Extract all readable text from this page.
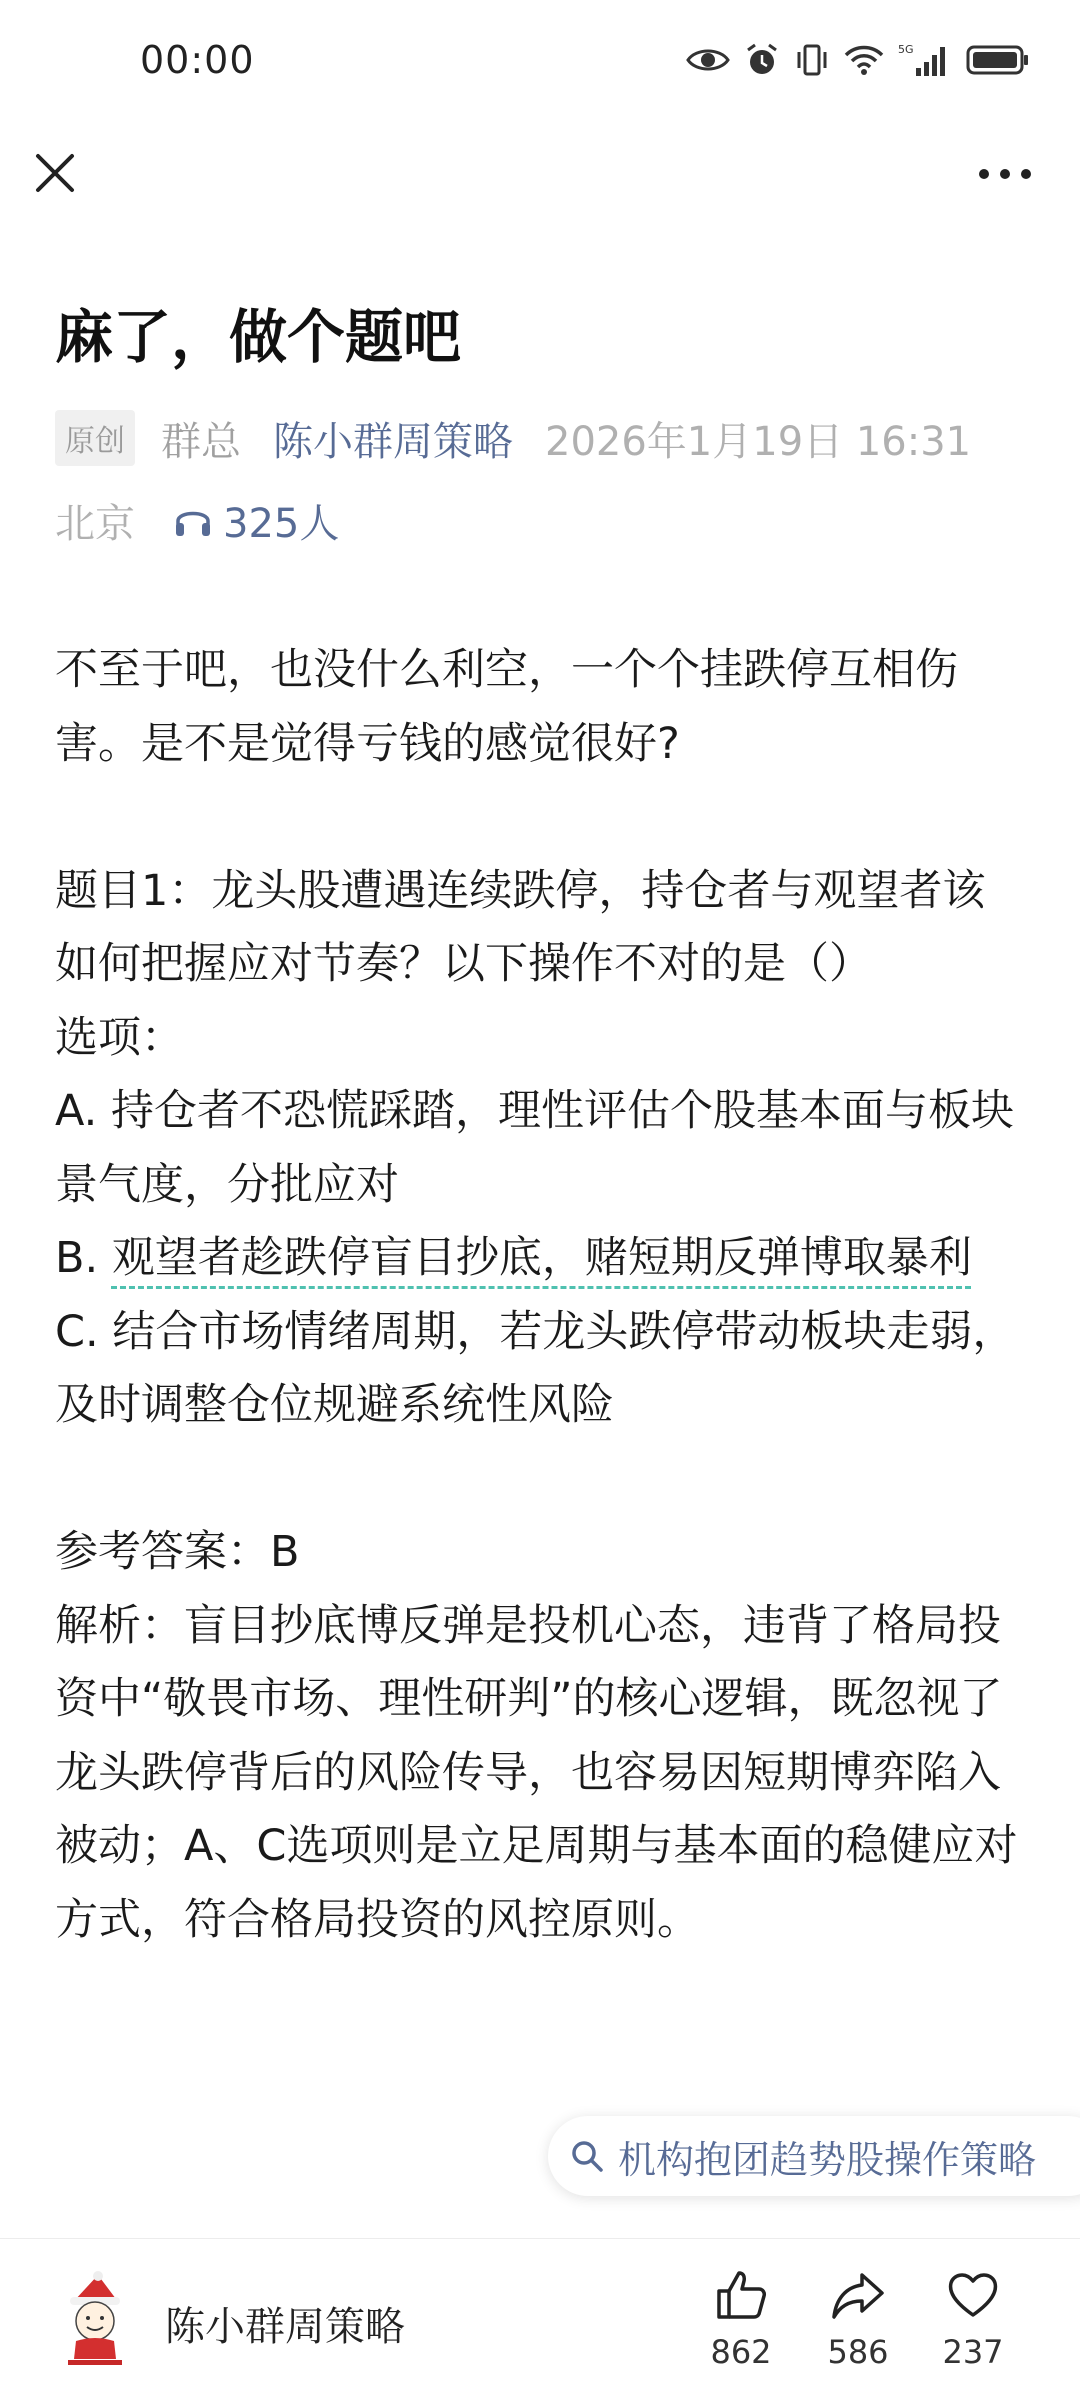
00:00	5G
麻了，做个题吧
原创 群总 陈小群周策略 2026年1月19日 16:31
北京 325人

不至于吧，也没什么利空，一个个挂跌停互相伤害。是不是觉得亏钱的感觉很好?

题目1：龙头股遭遇连续跌停，持仓者与观望者该如何把握应对节奏？以下操作不对的是（）

选项：

A. 持仓者不恐慌踩踏，理性评估个股基本面与板块景气度，分批应对

B. 观望者趁跌停盲目抄底，赌短期反弹博取暴利

C. 结合市场情绪周期，若龙头跌停带动板块走弱，及时调整仓位规避系统性风险

参考答案：B

解析：盲目抄底博反弹是投机心态，违背了格局投资中“敬畏市场、理性研判”的核心逻辑，既忽视了龙头跌停背后的风险传导，也容易因短期博弈陷入被动；A、C选项则是立足周期与基本面的稳健应对方式，符合格局投资的风控原则。

机构抱团趋势股操作策略
陈小群周策略
862	586	237
